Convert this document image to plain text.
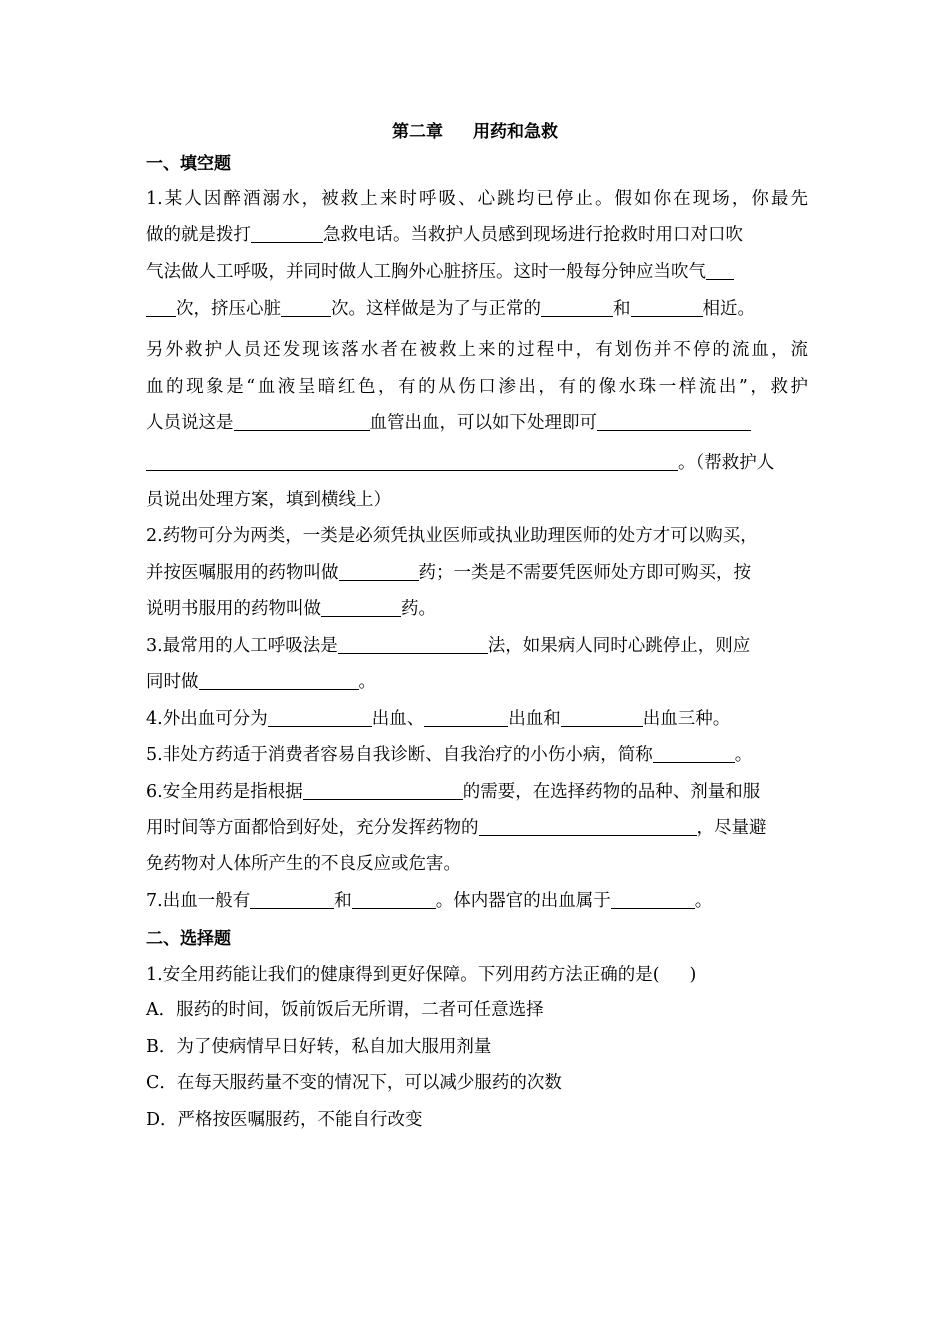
第二章 用药和急救
一、填空题
1.某人因醉酒溺水，被救上来时呼吸、心跳均已停止。假如你在现场，你最先
做的就是拨打	急救电话。当救护人员感到现场进行抢救时用口对口吹
气法做人工呼吸，并同时做人工胸外心脏挤压。这时一般每分钟应当吹气
次，挤压心脏	次。这样做是为了与正常的	和	相近。
另外救护人员还发现该落水者在被救上来的过程中，有划伤并不停的流血，流
血的现象是“血液呈暗红色，有的从伤口渗出，有的像水珠一样流出”，救护
人员说这是	血管出血，可以如下处理即可
。（帮救护人
员说出处理方案，填到横线上）
2.药物可分为两类，一类是必须凭执业医师或执业助理医师的处方才可以购买，
并按医嘱服用的药物叫做	药；一类是不需要凭医师处方即可购买，按
说明书服用的药物叫做	药。
3.最常用的人工呼吸法是	法，如果病人同时心跳停止，则应
同时做	。
4.外出血可分为	出血、	出血和	出血三种。
5.非处方药适于消费者容易自我诊断、自我治疗的小伤小病，简称	。
6.安全用药是指根据	的需要，在选择药物的品种、剂量和服
用时间等方面都恰到好处，充分发挥药物的	，尽量避
免药物对人体所产生的不良反应或危害。
7.出血一般有	和	。体内器官的出血属于	。
二、选择题
1.安全用药能让我们的健康得到更好保障。下列用药方法正确的是( )
A．服药的时间，饭前饭后无所谓，二者可任意选择
B．为了使病情早日好转，私自加大服用剂量
C．在每天服药量不变的情况下，可以减少服药的次数
D．严格按医嘱服药，不能自行改变
